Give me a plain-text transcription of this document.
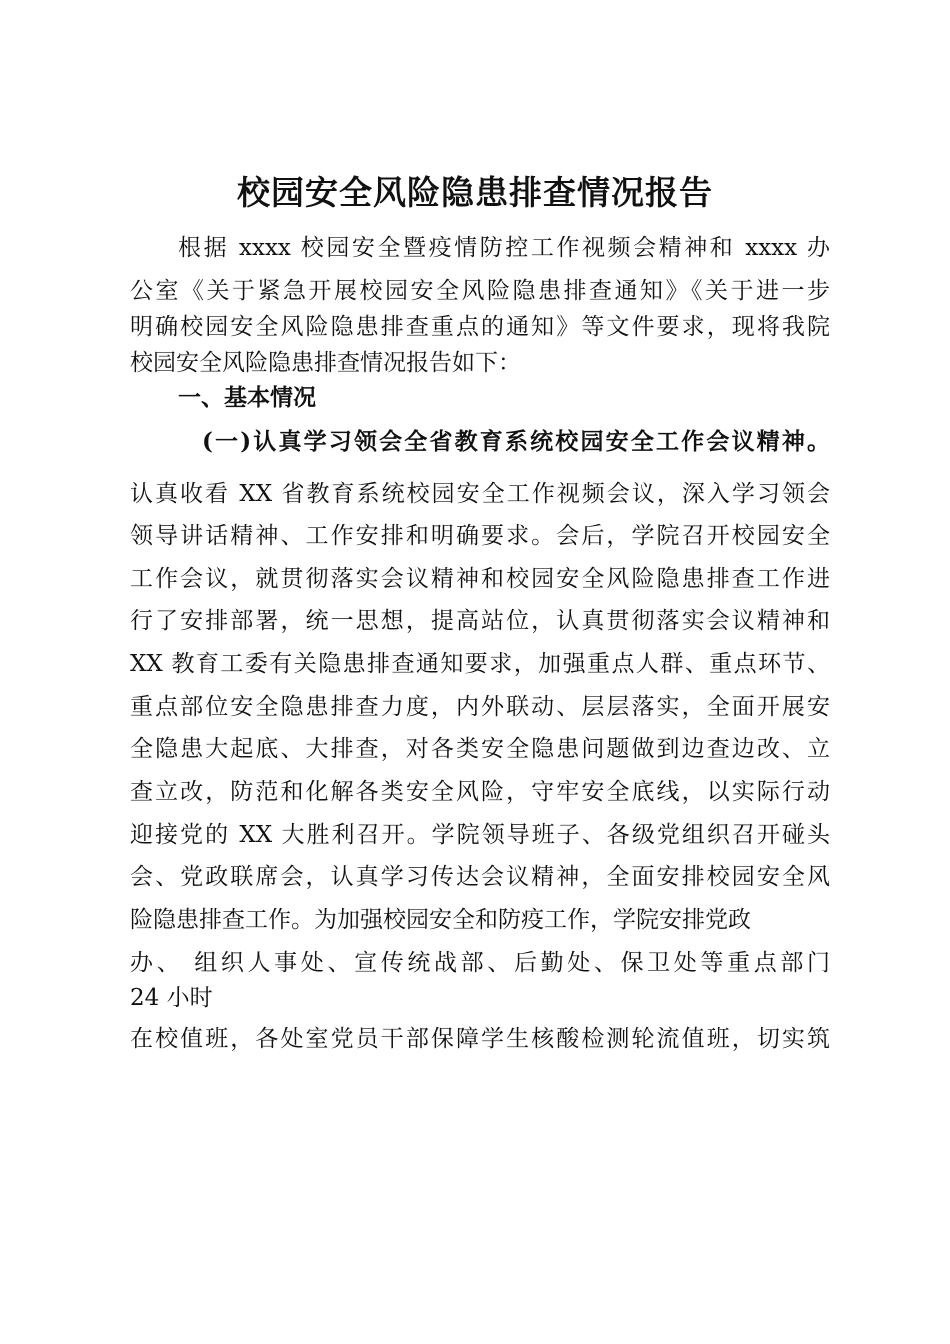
校园安全风险隐患排查情况报告

根据 xxxx 校园安全暨疫情防控工作视频会精神和 xxxx 办

公室《关于紧急开展校园安全风险隐患排查通知》《关于进一步

明确校园安全风险隐患排查重点的通知》等文件要求，现将我院

校园安全风险隐患排查情况报告如下：

一、基本情况
(一)认真学习领会全省教育系统校园安全工作会议精神。

认真收看 XX 省教育系统校园安全工作视频会议，深入学习领会

领导讲话精神、工作安排和明确要求。会后，学院召开校园安全

工作会议，就贯彻落实会议精神和校园安全风险隐患排查工作进

行了安排部署，统一思想，提高站位，认真贯彻落实会议精神和

XX 教育工委有关隐患排查通知要求，加强重点人群、重点环节、

重点部位安全隐患排查力度，内外联动、层层落实，全面开展安

全隐患大起底、大排查，对各类安全隐患问题做到边查边改、立

查立改，防范和化解各类安全风险，守牢安全底线，以实际行动

迎接党的 XX 大胜利召开。学院领导班子、各级党组织召开碰头

会、党政联席会，认真学习传达会议精神，全面安排校园安全风

险隐患排查工作。为加强校园安全和防疫工作，学院安排党政

办、 组织人事处、宣传统战部、后勤处、保卫处等重点部门

24 小时

在校值班，各处室党员干部保障学生核酸检测轮流值班，切实筑
